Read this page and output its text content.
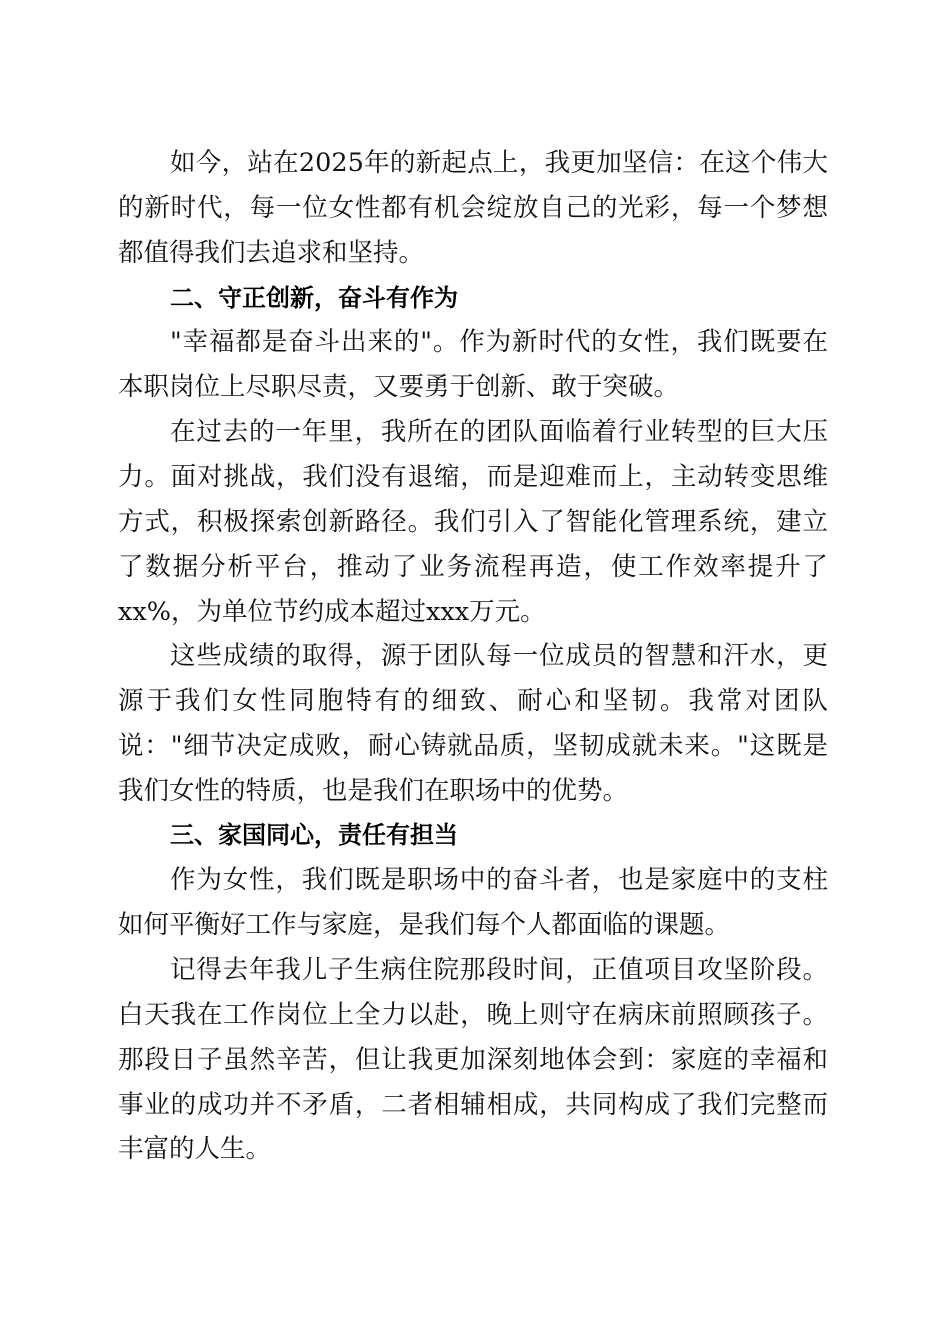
如今，站在2025年的新起点上，我更加坚信：在这个伟大
的新时代，每一位女性都有机会绽放自己的光彩，每一个梦想
都值得我们去追求和坚持。
二、守正创新，奋斗有作为
"幸福都是奋斗出来的"。作为新时代的女性，我们既要在
本职岗位上尽职尽责，又要勇于创新、敢于突破。
在过去的一年里，我所在的团队面临着行业转型的巨大压
力。面对挑战，我们没有退缩，而是迎难而上，主动转变思维
方式，积极探索创新路径。我们引入了智能化管理系统，建立
了数据分析平台，推动了业务流程再造，使工作效率提升了
xx%，为单位节约成本超过xxx万元。
这些成绩的取得，源于团队每一位成员的智慧和汗水，更
源于我们女性同胞特有的细致、耐心和坚韧。我常对团队
说："细节决定成败，耐心铸就品质，坚韧成就未来。"这既是
我们女性的特质，也是我们在职场中的优势。
三、家国同心，责任有担当
作为女性，我们既是职场中的奋斗者，也是家庭中的支柱
如何平衡好工作与家庭，是我们每个人都面临的课题。
记得去年我儿子生病住院那段时间，正值项目攻坚阶段。
白天我在工作岗位上全力以赴，晚上则守在病床前照顾孩子。
那段日子虽然辛苦，但让我更加深刻地体会到：家庭的幸福和
事业的成功并不矛盾，二者相辅相成，共同构成了我们完整而
丰富的人生。
